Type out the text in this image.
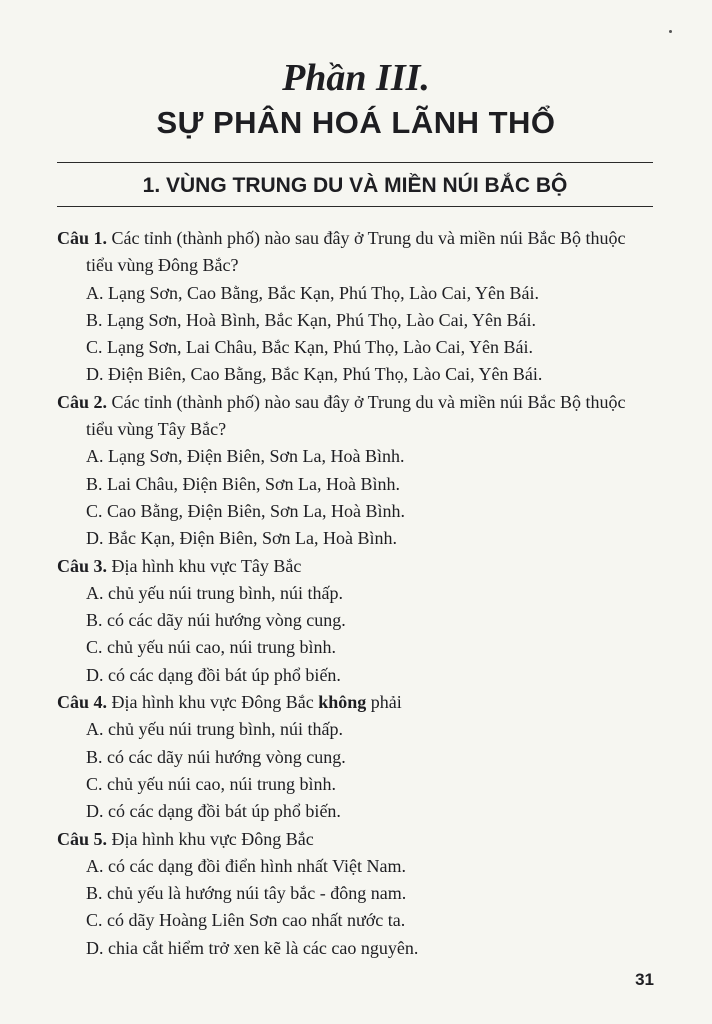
Phần III.
SỰ PHÂN HOÁ LÃNH THỔ
1. VÙNG TRUNG DU VÀ MIỀN NÚI BẮC BỘ
Câu 1. Các tỉnh (thành phố) nào sau đây ở Trung du và miền núi Bắc Bộ thuộc
tiểu vùng Đông Bắc?
A. Lạng Sơn, Cao Bằng, Bắc Kạn, Phú Thọ, Lào Cai, Yên Bái.
B. Lạng Sơn, Hoà Bình, Bắc Kạn, Phú Thọ, Lào Cai, Yên Bái.
C. Lạng Sơn, Lai Châu, Bắc Kạn, Phú Thọ, Lào Cai, Yên Bái.
D. Điện Biên, Cao Bằng, Bắc Kạn, Phú Thọ, Lào Cai, Yên Bái.
Câu 2. Các tỉnh (thành phố) nào sau đây ở Trung du và miền núi Bắc Bộ thuộc
tiểu vùng Tây Bắc?
A. Lạng Sơn, Điện Biên, Sơn La, Hoà Bình.
B. Lai Châu, Điện Biên, Sơn La, Hoà Bình.
C. Cao Bằng, Điện Biên, Sơn La, Hoà Bình.
D. Bắc Kạn, Điện Biên, Sơn La, Hoà Bình.
Câu 3. Địa hình khu vực Tây Bắc
A. chủ yếu núi trung bình, núi thấp.
B. có các dãy núi hướng vòng cung.
C. chủ yếu núi cao, núi trung bình.
D. có các dạng đồi bát úp phổ biến.
Câu 4. Địa hình khu vực Đông Bắc không phải
A. chủ yếu núi trung bình, núi thấp.
B. có các dãy núi hướng vòng cung.
C. chủ yếu núi cao, núi trung bình.
D. có các dạng đồi bát úp phổ biến.
Câu 5. Địa hình khu vực Đông Bắc
A. có các dạng đồi điển hình nhất Việt Nam.
B. chủ yếu là hướng núi tây bắc - đông nam.
C. có dãy Hoàng Liên Sơn cao nhất nước ta.
D. chia cắt hiểm trở xen kẽ là các cao nguyên.
31
